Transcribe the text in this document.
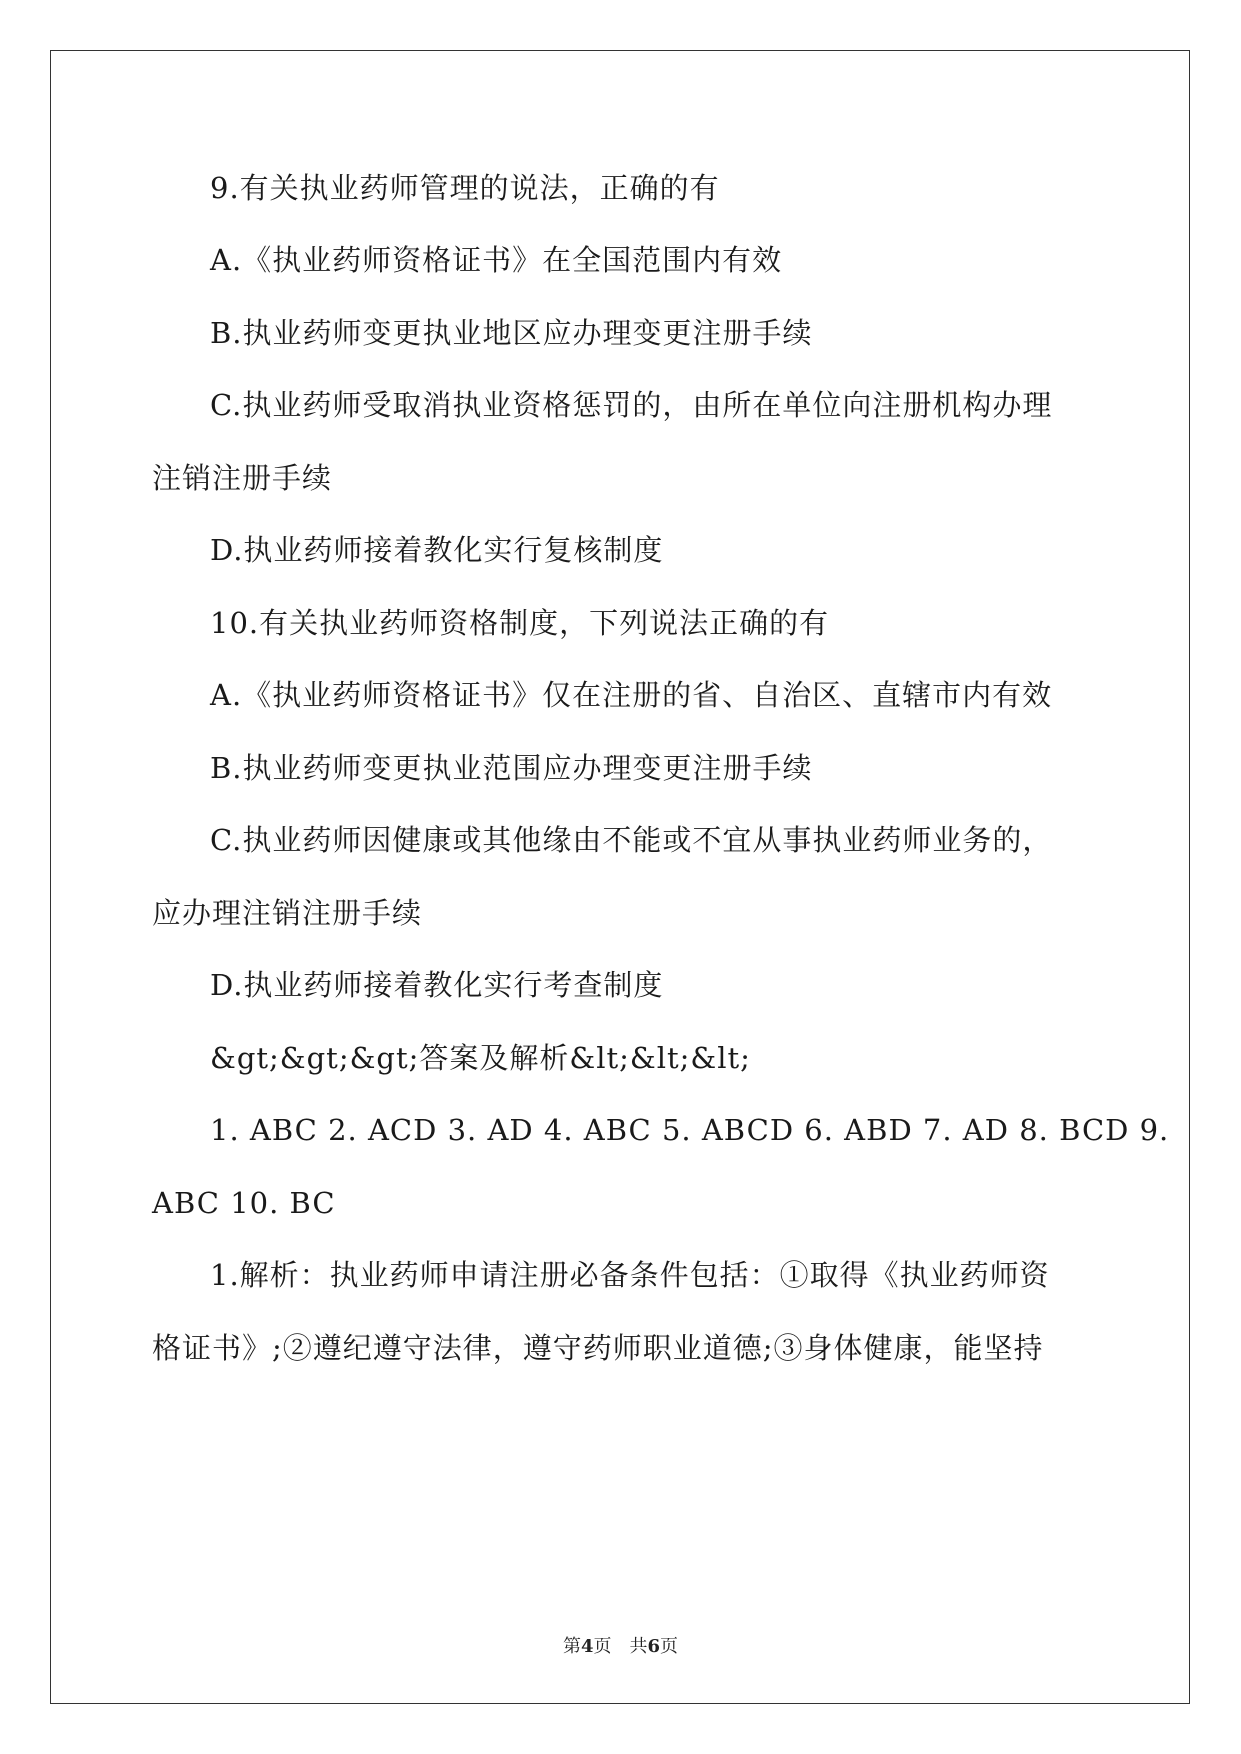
9.有关执业药师管理的说法，正确的有
A.《执业药师资格证书》在全国范围内有效
B.执业药师变更执业地区应办理变更注册手续
C.执业药师受取消执业资格惩罚的，由所在单位向注册机构办理
注销注册手续
D.执业药师接着教化实行复核制度
10.有关执业药师资格制度，下列说法正确的有
A.《执业药师资格证书》仅在注册的省、自治区、直辖市内有效
B.执业药师变更执业范围应办理变更注册手续
C.执业药师因健康或其他缘由不能或不宜从事执业药师业务的，
应办理注销注册手续
D.执业药师接着教化实行考查制度
&gt;&gt;&gt;答案及解析&lt;&lt;&lt;
1. ABC 2. ACD 3. AD 4. ABC 5. ABCD 6. ABD 7. AD 8. BCD 9.
ABC 10. BC
1.解析：执业药师申请注册必备条件包括：①取得《执业药师资
格证书》;②遵纪遵守法律，遵守药师职业道德;③身体健康，能坚持
第4页　共6页
